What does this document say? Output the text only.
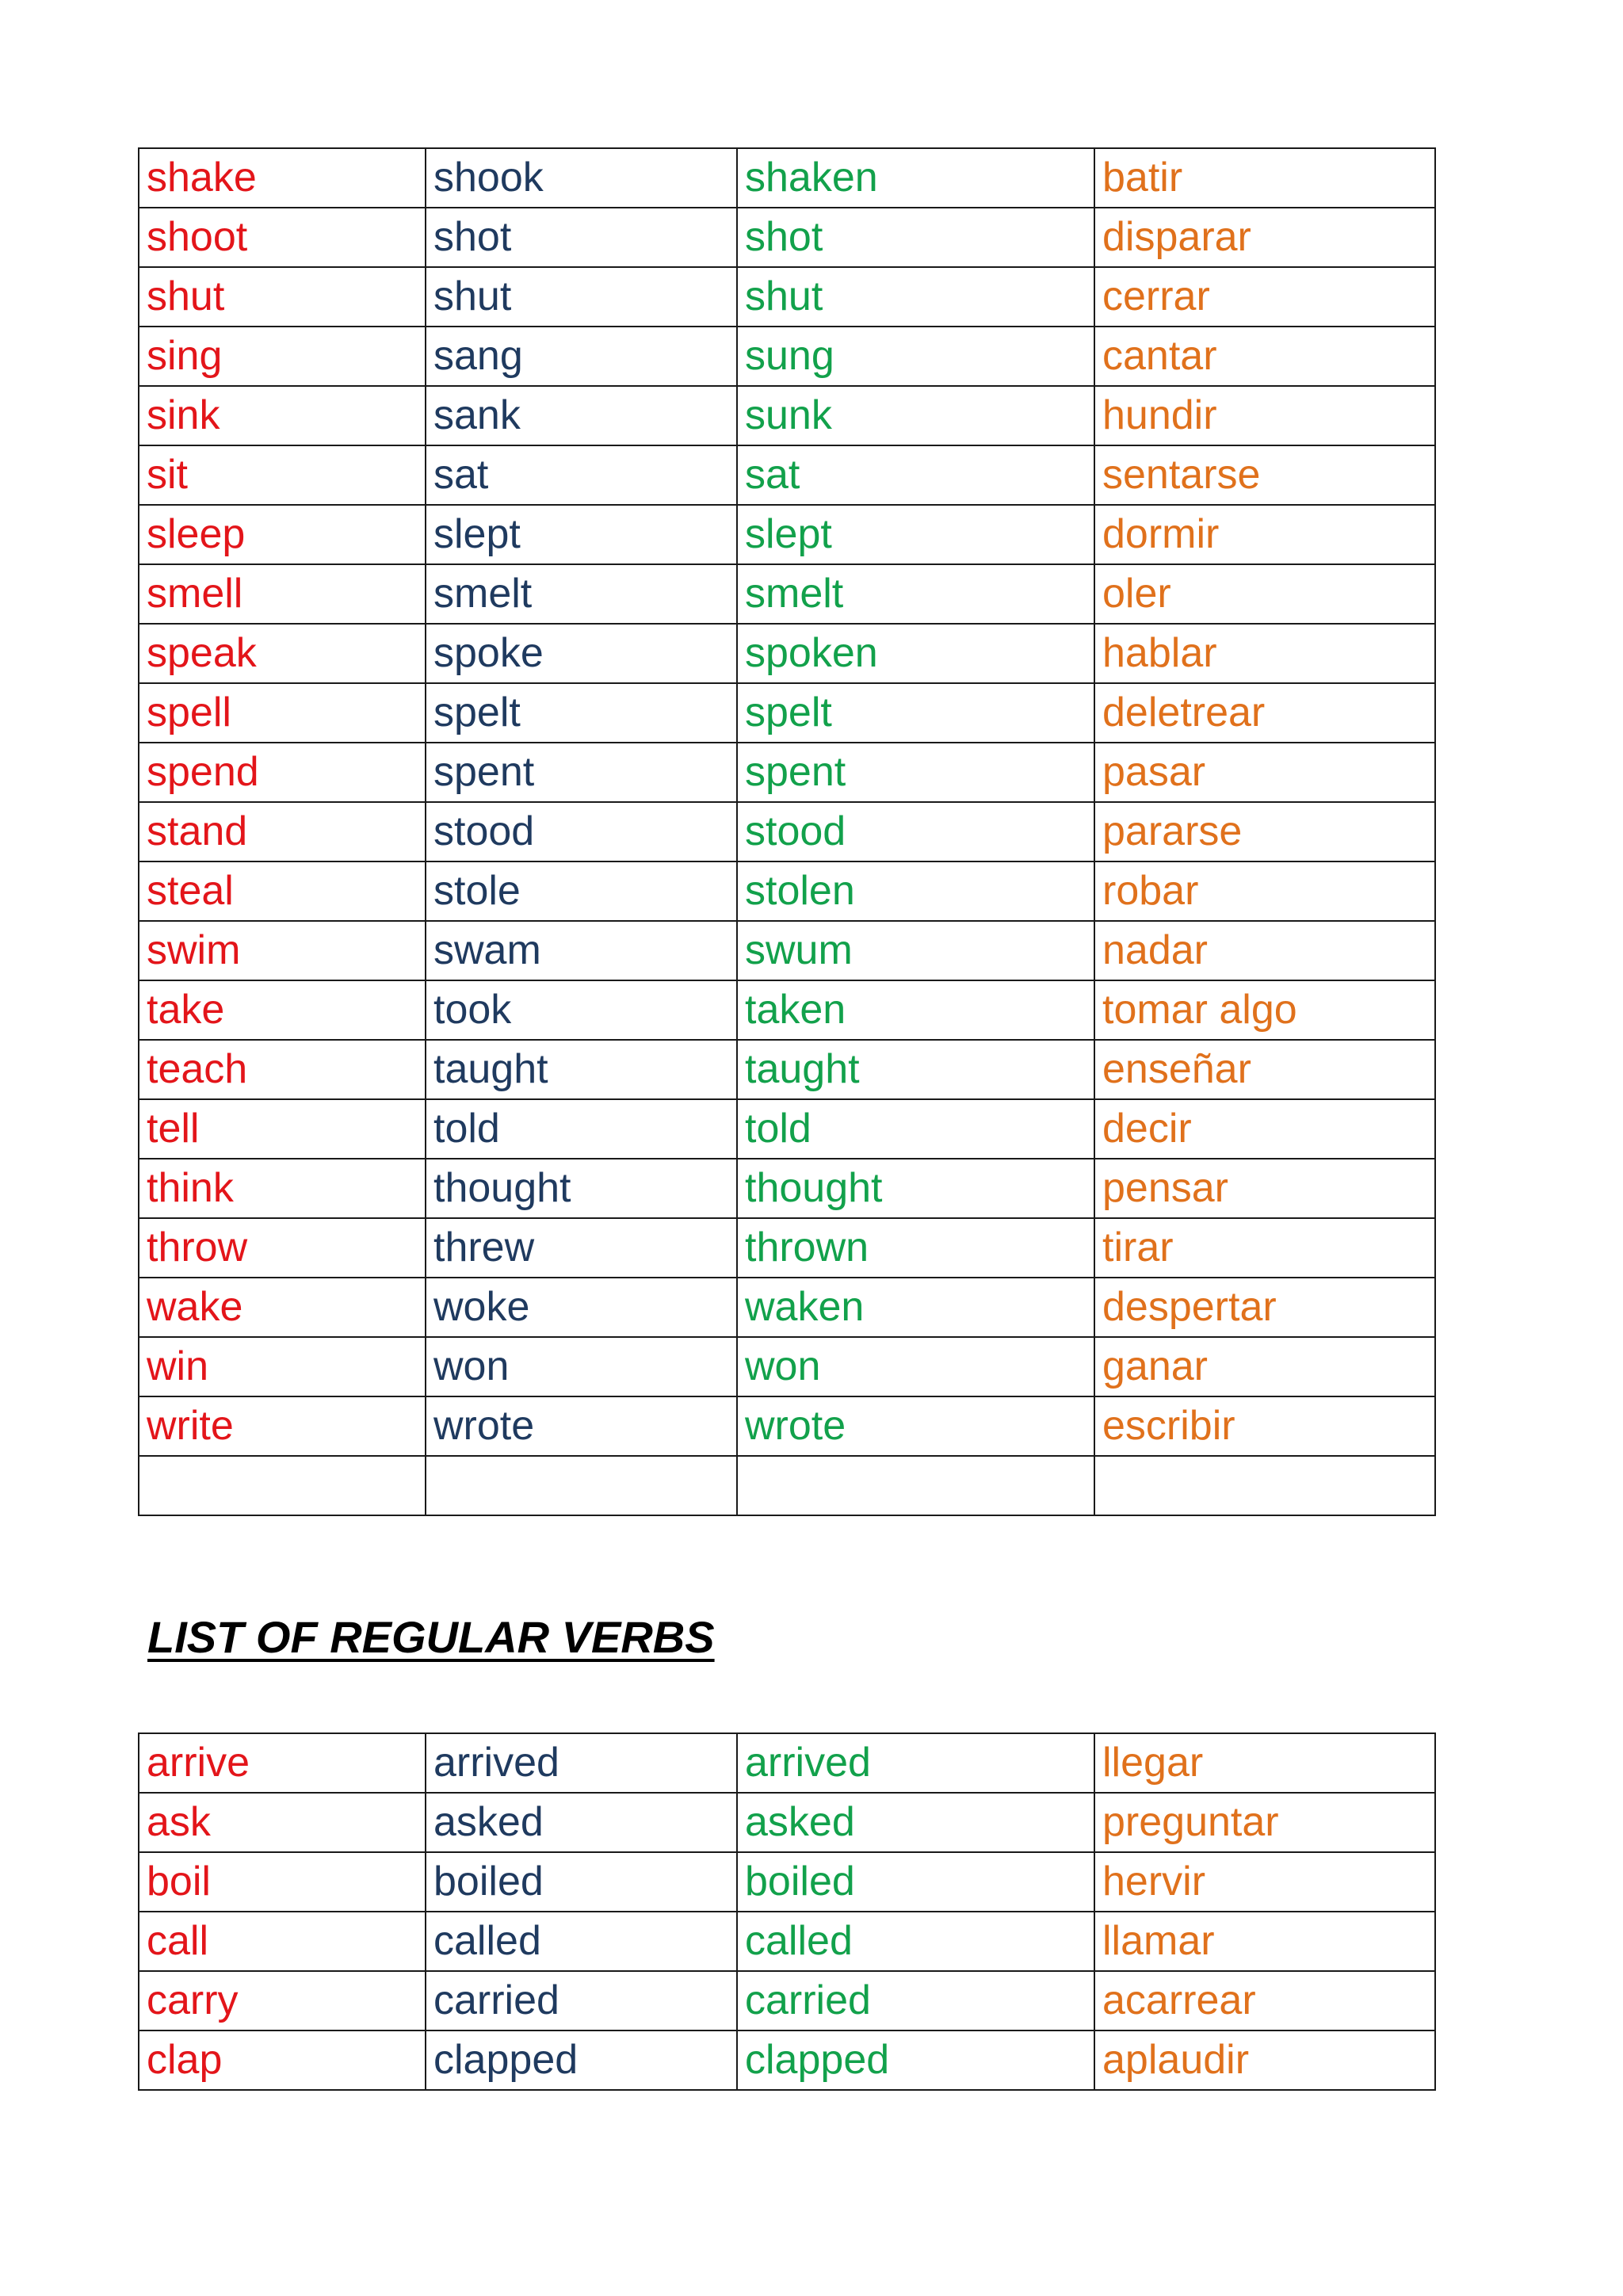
shake	shook	shaken	batir
shoot	shot	shot	disparar
shut	shut	shut	cerrar
sing	sang	sung	cantar
sink	sank	sunk	hundir
sit	sat	sat	sentarse
sleep	slept	slept	dormir
smell	smelt	smelt	oler
speak	spoke	spoken	hablar
spell	spelt	spelt	deletrear
spend	spent	spent	pasar
stand	stood	stood	pararse
steal	stole	stolen	robar
swim	swam	swum	nadar
take	took	taken	tomar algo
teach	taught	taught	enseñar
tell	told	told	decir
think	thought	thought	pensar
throw	threw	thrown	tirar
wake	woke	waken	despertar
win	won	won	ganar
write	wrote	wrote	escribir

LIST OF REGULAR VERBS
arrive	arrived	arrived	llegar
ask	asked	asked	preguntar
boil	boiled	boiled	hervir
call	called	called	llamar
carry	carried	carried	acarrear
clap	clapped	clapped	aplaudir
